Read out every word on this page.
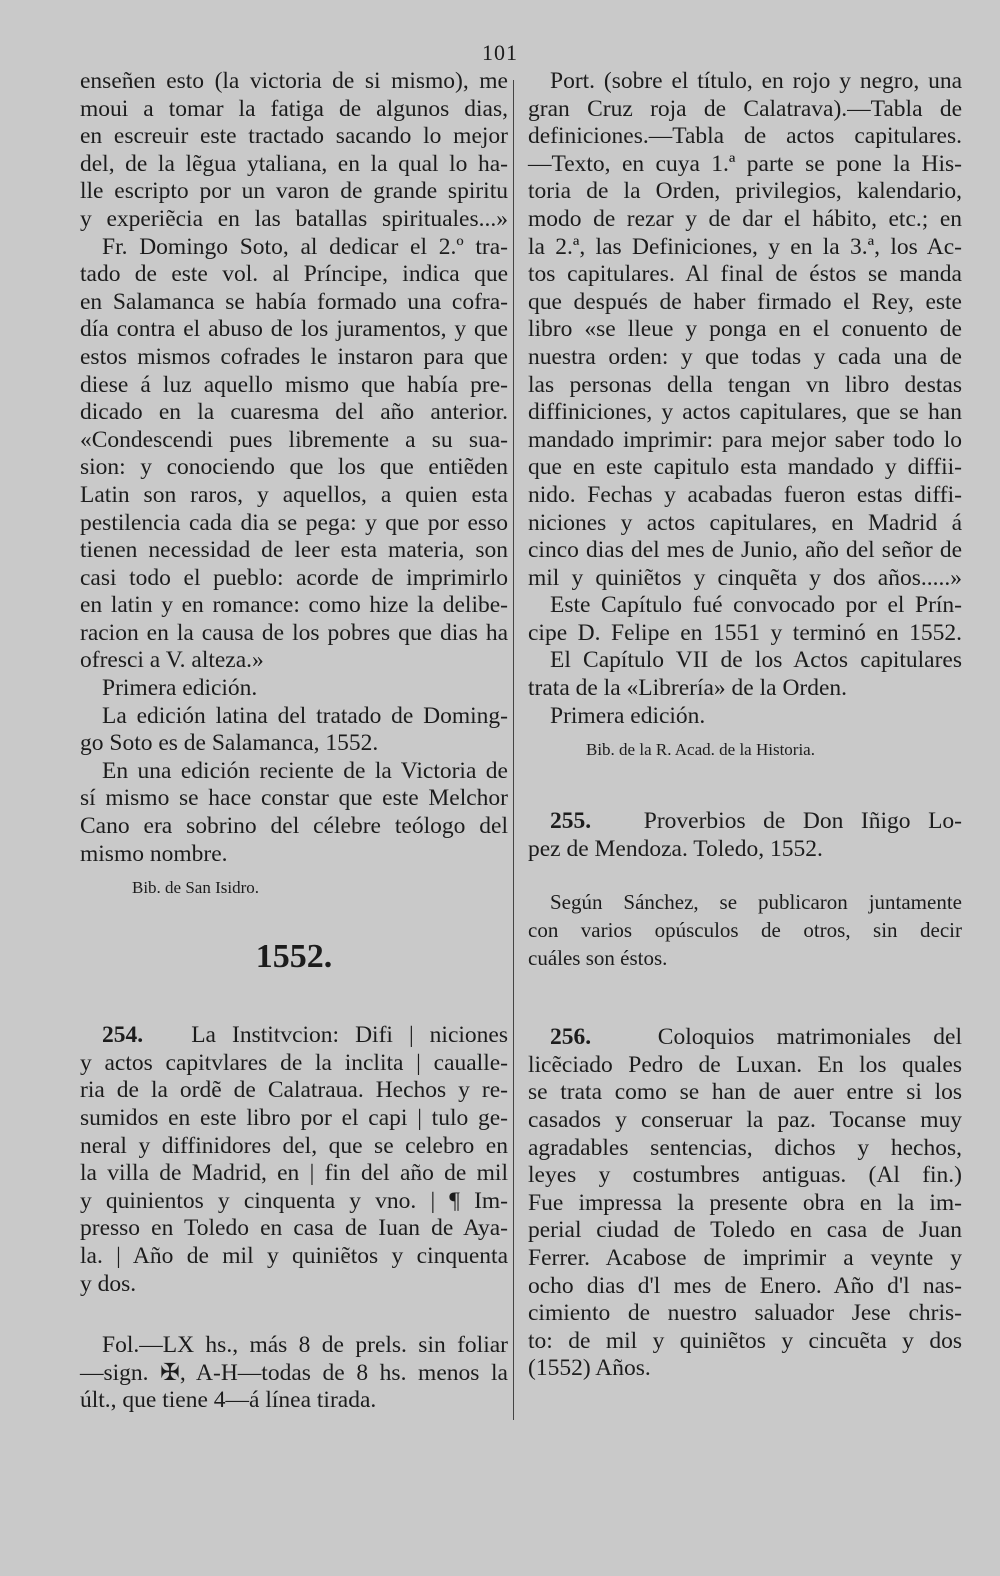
101
enseñen esto (la victoria de si mismo), me
moui a tomar la fatiga de algunos dias,
en escreuir este tractado sacando lo mejor
del, de la lẽgua ytaliana, en la qual lo ha-
lle escripto por un varon de grande spiritu
y experiẽcia en las batallas spirituales...»
Fr. Domingo Soto, al dedicar el 2.º tra-
tado de este vol. al Príncipe, indica que
en Salamanca se había formado una cofra-
día contra el abuso de los juramentos, y que
estos mismos cofrades le instaron para que
diese á luz aquello mismo que había pre-
dicado en la cuaresma del año anterior.
«Condescendi pues libremente a su sua-
sion: y conociendo que los que entiẽden
Latin son raros, y aquellos, a quien esta
pestilencia cada dia se pega: y que por esso
tienen necessidad de leer esta materia, son
casi todo el pueblo: acorde de imprimirlo
en latin y en romance: como hize la delibe-
racion en la causa de los pobres que dias ha
ofresci a V. alteza.»
Primera edición.
La edición latina del tratado de Doming-
go Soto es de Salamanca, 1552.
En una edición reciente de la Victoria de
sí mismo se hace constar que este Melchor
Cano era sobrino del célebre teólogo del
mismo nombre.
Bib. de San Isidro.
1552.
254. La Institvcion: Difi | niciones
y actos capitvlares de la inclita | caualle-
ria de la ordẽ de Calatraua. Hechos y re-
sumidos en este libro por el capi | tulo ge-
neral y diffinidores del, que se celebro en
la villa de Madrid, en | fin del año de mil
y quinientos y cinquenta y vno. | ¶ Im-
presso en Toledo en casa de Iuan de Aya-
la. | Año de mil y quiniẽtos y cinquenta
y dos.
Fol.—LX hs., más 8 de prels. sin foliar
—sign. ✠, A-H—todas de 8 hs. menos la
últ., que tiene 4—á línea tirada.
Port. (sobre el título, en rojo y negro, una
gran Cruz roja de Calatrava).—Tabla de
definiciones.—Tabla de actos capitulares.
—Texto, en cuya 1.ª parte se pone la His-
toria de la Orden, privilegios, kalendario,
modo de rezar y de dar el hábito, etc.; en
la 2.ª, las Definiciones, y en la 3.ª, los Ac-
tos capitulares. Al final de éstos se manda
que después de haber firmado el Rey, este
libro «se lleue y ponga en el conuento de
nuestra orden: y que todas y cada una de
las personas della tengan vn libro destas
diffiniciones, y actos capitulares, que se han
mandado imprimir: para mejor saber todo lo
que en este capitulo esta mandado y diffii-
nido. Fechas y acabadas fueron estas diffi-
niciones y actos capitulares, en Madrid á
cinco dias del mes de Junio, año del señor de
mil y quiniẽtos y cinquẽta y dos años.....»
Este Capítulo fué convocado por el Prín-
cipe D. Felipe en 1551 y terminó en 1552.
El Capítulo VII de los Actos capitulares
trata de la «Librería» de la Orden.
Primera edición.
Bib. de la R. Acad. de la Historia.
255. Proverbios de Don Iñigo Lo-
pez de Mendoza. Toledo, 1552.
Según Sánchez, se publicaron juntamente
con varios opúsculos de otros, sin decir
cuáles son éstos.
256.	Coloquios matrimoniales del
licẽciado Pedro de Luxan. En los quales
se trata como se han de auer entre si los
casados y conseruar la paz. Tocanse muy
agradables sentencias, dichos y hechos,
leyes y costumbres antiguas. (Al fin.)
Fue impressa la presente obra en la im-
perial ciudad de Toledo en casa de Juan
Ferrer. Acabose de imprimir a veynte y
ocho dias d'l mes de Enero. Año d'l nas-
cimiento de nuestro saluador Jese chris-
to: de mil y quiniẽtos y cincuẽta y dos
(1552) Años.
